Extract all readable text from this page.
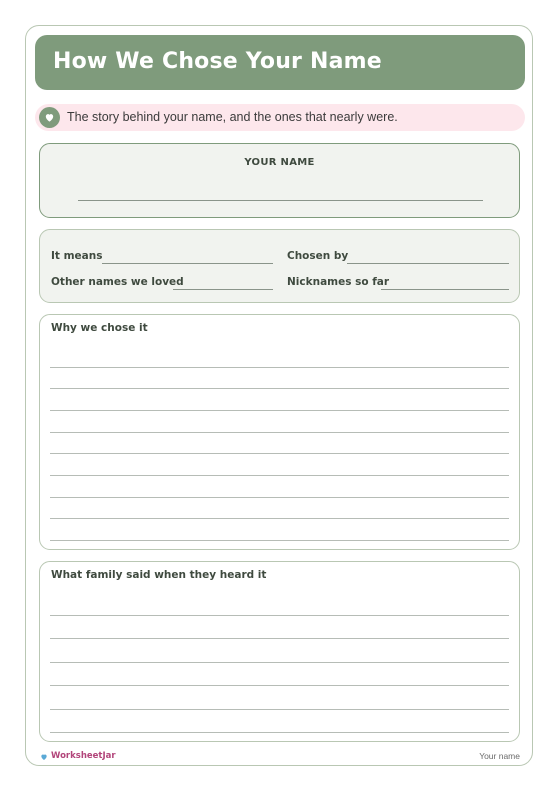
How We Chose Your Name
The story behind your name, and the ones that nearly were.
YOUR NAME
It means	Chosen by
Other names we loved	Nicknames so far
Why we chose it
What family said when they heard it
WorksheetJar	Your name
